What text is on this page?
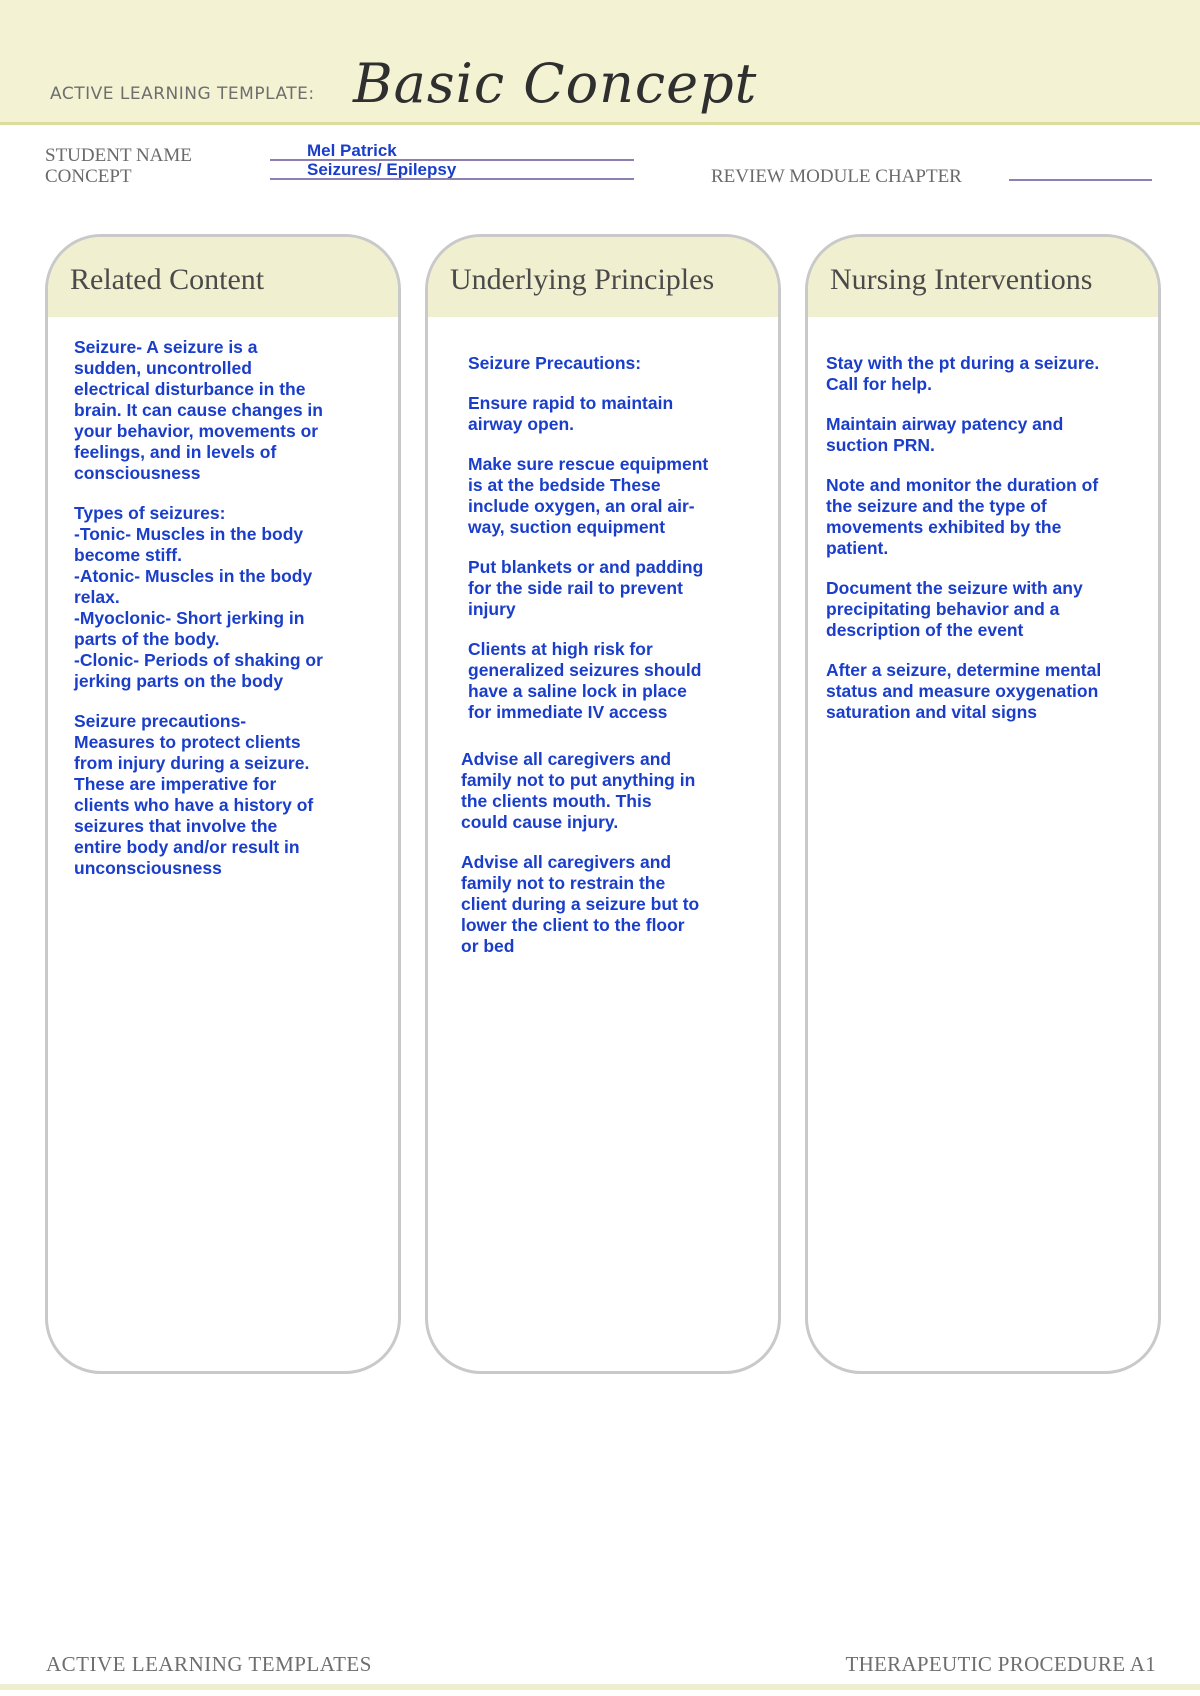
ACTIVE LEARNING TEMPLATE: Basic Concept
STUDENT NAME	Mel Patrick
CONCEPT	Seizures/ Epilepsy	REVIEW MODULE CHAPTER
Related Content

Seizure- A seizure is a
sudden, uncontrolled
electrical disturbance in the
brain. It can cause changes in
your behavior, movements or
feelings, and in levels of
consciousness

Types of seizures:
-Tonic- Muscles in the body
become stiff.
-Atonic- Muscles in the body
relax.
-Myoclonic- Short jerking in
parts of the body.
-Clonic- Periods of shaking or
jerking parts on the body

Seizure precautions-
Measures to protect clients
from injury during a seizure.
These are imperative for
clients who have a history of
seizures that involve the
entire body and/or result in
unconsciousness

Underlying Principles

Seizure Precautions:

Ensure rapid to maintain
airway open.

Make sure rescue equipment
is at the bedside These
include oxygen, an oral air-
way, suction equipment

Put blankets or and padding
for the side rail to prevent
injury

Clients at high risk for
generalized seizures should
have a saline lock in place
for immediate IV access

Advise all caregivers and
family not to put anything in
the clients mouth. This
could cause injury.

Advise all caregivers and
family not to restrain the
client during a seizure but to
lower the client to the floor
or bed

Nursing Interventions

Stay with the pt during a seizure.
Call for help.

Maintain airway patency and
suction PRN.

Note and monitor the duration of
the seizure and the type of
movements exhibited by the
patient.

Document the seizure with any
precipitating behavior and a
description of the event

After a seizure, determine mental
status and measure oxygenation
saturation and vital signs

ACTIVE LEARNING TEMPLATES	THERAPEUTIC PROCEDURE A1
